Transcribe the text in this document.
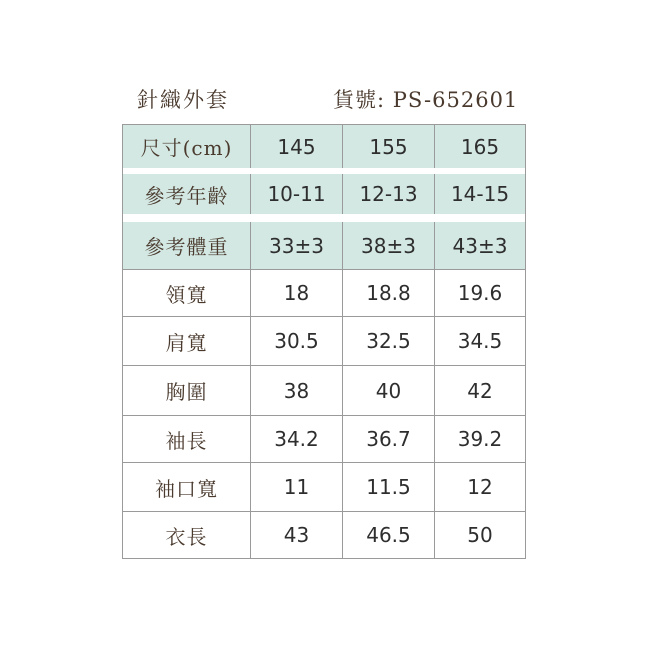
針織外套	貨號: PS-652601
尺寸(cm)	145	155	165
參考年齡	10-11	12-13	14-15
參考體重	33±3	38±3	43±3
領寬	18	18.8	19.6
肩寬	30.5	32.5	34.5
胸圍	38	40	42
袖長	34.2	36.7	39.2
袖口寬	11	11.5	12
衣長	43	46.5	50
